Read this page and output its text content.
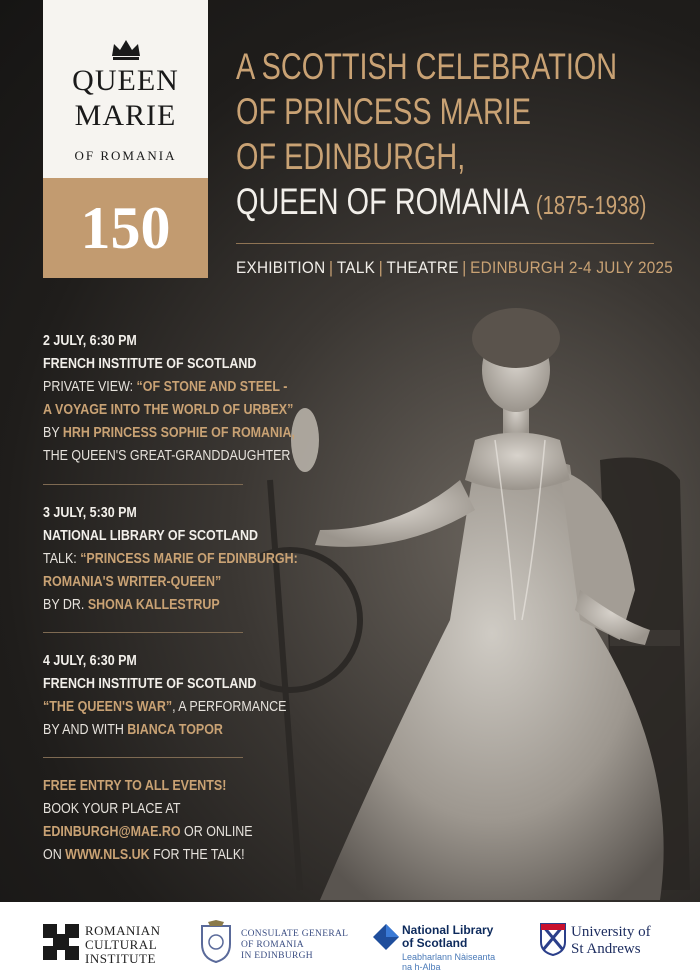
QUEEN
MARIE
OF ROMANIA
150
A SCOTTISH CELEBRATION
OF PRINCESS MARIE
OF EDINBURGH,
QUEEN OF ROMANIA (1875-1938)
EXHIBITION | TALK | THEATRE | EDINBURGH 2-4 JULY 2025
2 JULY, 6:30 PM
FRENCH INSTITUTE OF SCOTLAND
PRIVATE VIEW: “OF STONE AND STEEL -
A VOYAGE INTO THE WORLD OF URBEX”
BY HRH PRINCESS SOPHIE OF ROMANIA,
THE QUEEN'S GREAT-GRANDDAUGHTER
3 JULY, 5:30 PM
NATIONAL LIBRARY OF SCOTLAND
TALK: “PRINCESS MARIE OF EDINBURGH:
ROMANIA'S WRITER-QUEEN”
BY DR. SHONA KALLESTRUP
4 JULY, 6:30 PM
FRENCH INSTITUTE OF SCOTLAND
“THE QUEEN'S WAR”, A PERFORMANCE
BY AND WITH BIANCA TOPOR
FREE ENTRY TO ALL EVENTS!
BOOK YOUR PLACE AT
EDINBURGH@MAE.RO OR ONLINE
ON WWW.NLS.UK FOR THE TALK!
ROMANIAN
CULTURAL
INSTITUTE
CONSULATE GENERAL
OF ROMANIA
IN EDINBURGH
National Library
of Scotland
Leabharlann Nàiseanta
na h-Alba
University of
St Andrews
